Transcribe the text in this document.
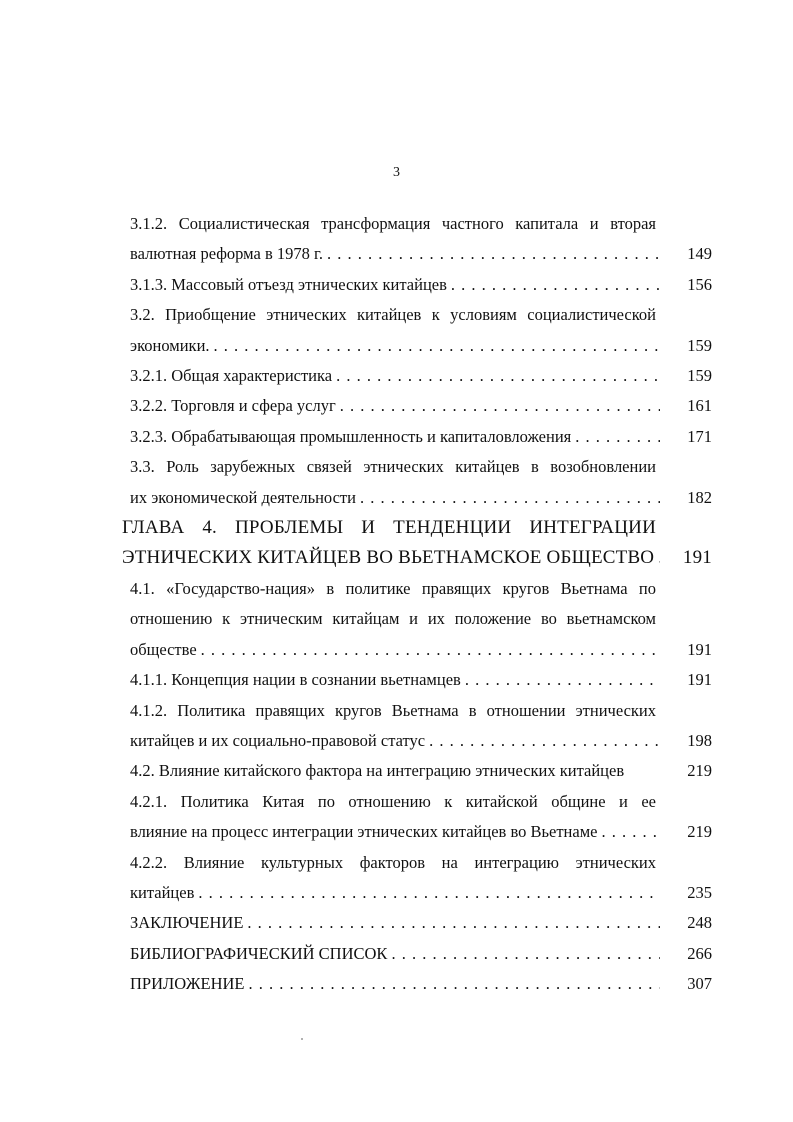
3
3.1.2. Социалистическая трансформация частного капитала и вторая
валютная реформа в 1978 г. . . .	149
3.1.3. Массовый отъезд этнических китайцев . . .	156
3.2. Приобщение этнических китайцев к условиям социалистической
экономики. . . .	159
3.2.1. Общая характеристика . . .	159
3.2.2. Торговля и сфера услуг . . .	161
3.2.3. Обрабатывающая промышленность и капиталовложения . . .	171
3.3. Роль зарубежных связей этнических китайцев в возобновлении
их экономической деятельности . . .	182
ГЛАВА 4. ПРОБЛЕМЫ И ТЕНДЕНЦИИ ИНТЕГРАЦИИ
ЭТНИЧЕСКИХ КИТАЙЦЕВ ВО ВЬЕТНАМСКОЕ ОБЩЕСТВО . . .	191
4.1. «Государство-нация» в политике правящих кругов Вьетнама по
отношению к этническим китайцам и их положение во вьетнамском
обществе . . .	191
4.1.1. Концепция нации в сознании вьетнамцев . . .	191
4.1.2. Политика правящих кругов Вьетнама в отношении этнических
китайцев и их социально-правовой статус . . .	198
4.2. Влияние китайского фактора на интеграцию этнических китайцев	219
4.2.1. Политика Китая по отношению к китайской общине и ее
влияние на процесс интеграции этнических китайцев во Вьетнаме . . .	219
4.2.2. Влияние культурных факторов на интеграцию этнических
китайцев . . .	235
ЗАКЛЮЧЕНИЕ . . .	248
БИБЛИОГРАФИЧЕСКИЙ СПИСОК . . .	266
ПРИЛОЖЕНИЕ . . .	307
